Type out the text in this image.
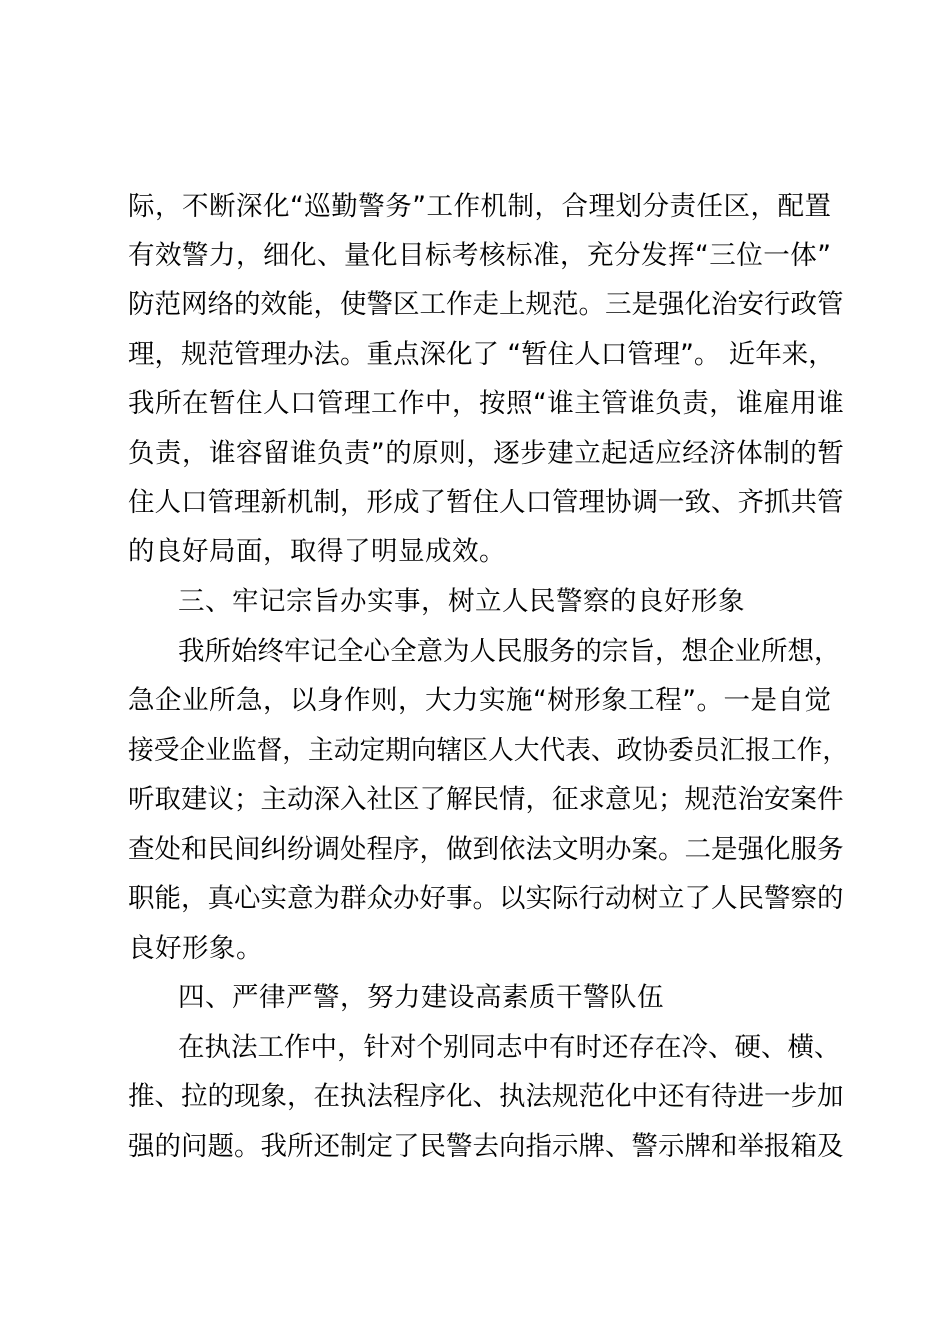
际，不断深化“巡勤警务”工作机制，合理划分责任区，配置
有效警力，细化、量化目标考核标准，充分发挥“三位一体”
防范网络的效能，使警区工作走上规范。三是强化治安行政管
理，规范管理办法。重点深化了 “暂住人口管理”。 近年来，
我所在暂住人口管理工作中，按照“谁主管谁负责，谁雇用谁
负责，谁容留谁负责”的原则，逐步建立起适应经济体制的暂
住人口管理新机制，形成了暂住人口管理协调一致、齐抓共管
的良好局面，取得了明显成效。
三、牢记宗旨办实事，树立人民警察的良好形象
我所始终牢记全心全意为人民服务的宗旨，想企业所想，
急企业所急，以身作则，大力实施“树形象工程”。一是自觉
接受企业监督，主动定期向辖区人大代表、政协委员汇报工作，
听取建议；主动深入社区了解民情，征求意见；规范治安案件
查处和民间纠纷调处程序，做到依法文明办案。二是强化服务
职能，真心实意为群众办好事。以实际行动树立了人民警察的
良好形象。
四、严律严警，努力建设高素质干警队伍
在执法工作中，针对个别同志中有时还存在冷、硬、横、
推、拉的现象，在执法程序化、执法规范化中还有待进一步加
强的问题。我所还制定了民警去向指示牌、警示牌和举报箱及
